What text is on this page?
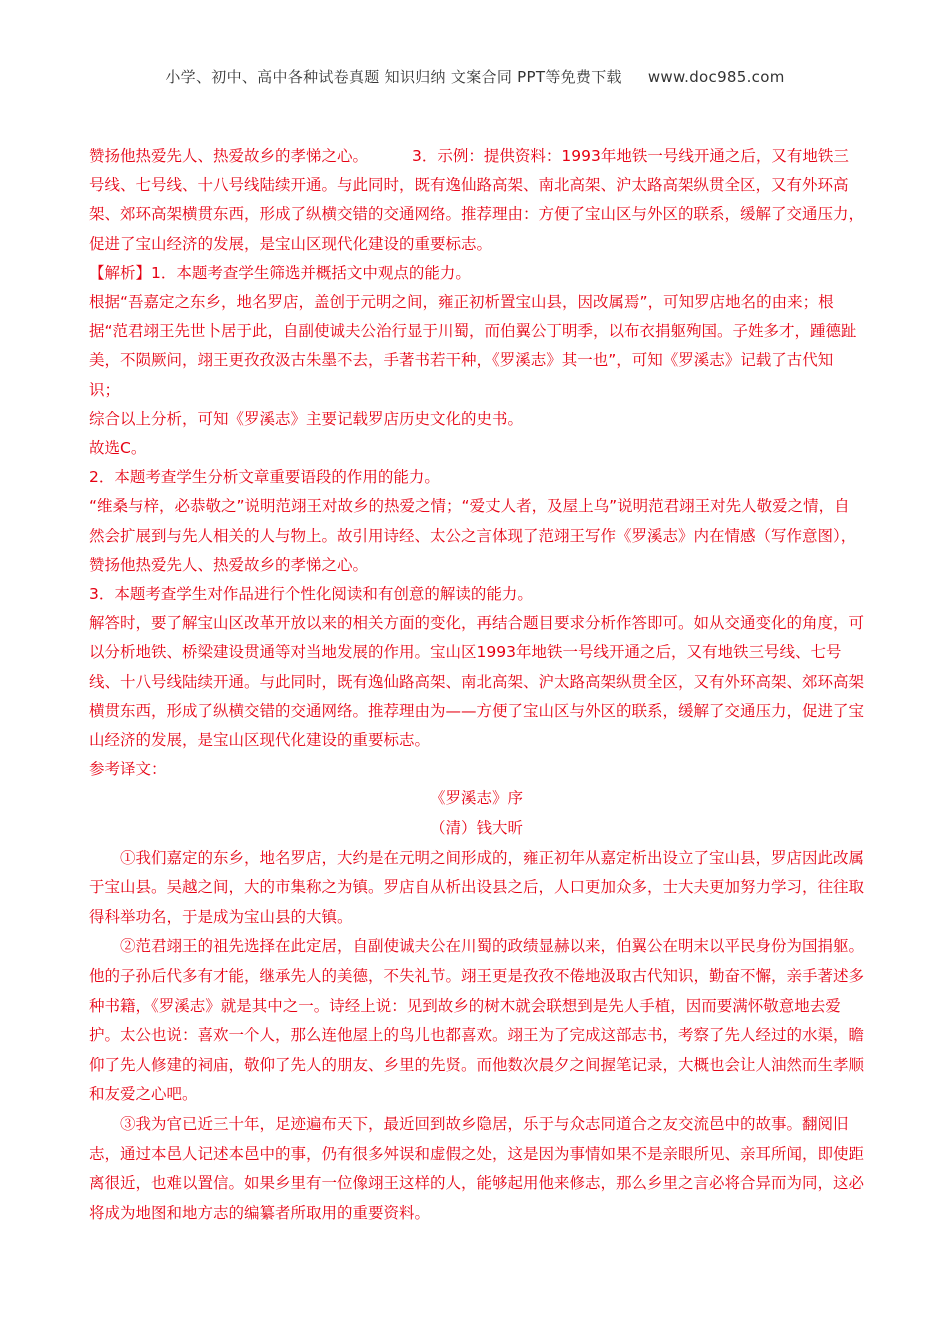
小学、初中、高中各种试卷真题 知识归纳 文案合同 PPT等免费下载 www.doc985.com

赞扬他热爱先人、热爱故乡的孝悌之心。	3．示例：提供资料：1993年地铁一号线开通之后，又有地铁三号线、七号线、十八号线陆续开通。与此同时，既有逸仙路高架、南北高架、沪太路高架纵贯全区，又有外环高架、郊环高架横贯东西，形成了纵横交错的交通网络。推荐理由：方便了宝山区与外区的联系，缓解了交通压力，促进了宝山经济的发展，是宝山区现代化建设的重要标志。

【解析】1．本题考查学生筛选并概括文中观点的能力。

根据“吾嘉定之东乡，地名罗店，盖创于元明之间，雍正初析置宝山县，因改属焉”，可知罗店地名的由来；根据“范君翊王先世卜居于此，自副使诚夫公治行显于川蜀，而伯翼公丁明季，以布衣捐躯殉国。子姓多才，踵德趾美，不陨厥问，翊王更孜孜汲古朱墨不去，手著书若干种，《罗溪志》其一也”，可知《罗溪志》记载了古代知识；

综合以上分析，可知《罗溪志》主要记载罗店历史文化的史书。

故选C。

2．本题考查学生分析文章重要语段的作用的能力。

“维桑与梓，必恭敬之”说明范翊王对故乡的热爱之情；“爱丈人者，及屋上乌”说明范君翊王对先人敬爱之情，自然会扩展到与先人相关的人与物上。故引用诗经、太公之言体现了范翊王写作《罗溪志》内在情感（写作意图），赞扬他热爱先人、热爱故乡的孝悌之心。

3．本题考查学生对作品进行个性化阅读和有创意的解读的能力。

解答时，要了解宝山区改革开放以来的相关方面的变化，再结合题目要求分析作答即可。如从交通变化的角度，可以分析地铁、桥梁建设贯通等对当地发展的作用。宝山区1993年地铁一号线开通之后，又有地铁三号线、七号线、十八号线陆续开通。与此同时，既有逸仙路高架、南北高架、沪太路高架纵贯全区，又有外环高架、郊环高架横贯东西，形成了纵横交错的交通网络。推荐理由为——方便了宝山区与外区的联系，缓解了交通压力，促进了宝山经济的发展，是宝山区现代化建设的重要标志。

参考译文：

《罗溪志》序

（清）钱大昕

①我们嘉定的东乡，地名罗店，大约是在元明之间形成的，雍正初年从嘉定析出设立了宝山县，罗店因此改属于宝山县。吴越之间，大的市集称之为镇。罗店自从析出设县之后，人口更加众多，士大夫更加努力学习，往往取得科举功名，于是成为宝山县的大镇。

②范君翊王的祖先选择在此定居，自副使诚夫公在川蜀的政绩显赫以来，伯翼公在明末以平民身份为国捐躯。他的子孙后代多有才能，继承先人的美德，不失礼节。翊王更是孜孜不倦地汲取古代知识，勤奋不懈，亲手著述多种书籍，《罗溪志》就是其中之一。诗经上说：见到故乡的树木就会联想到是先人手植，因而要满怀敬意地去爱护。太公也说：喜欢一个人，那么连他屋上的鸟儿也都喜欢。翊王为了完成这部志书，考察了先人经过的水渠，瞻仰了先人修建的祠庙，敬仰了先人的朋友、乡里的先贤。而他数次晨夕之间握笔记录，大概也会让人油然而生孝顺和友爱之心吧。

③我为官已近三十年，足迹遍布天下，最近回到故乡隐居，乐于与众志同道合之友交流邑中的故事。翻阅旧志，通过本邑人记述本邑中的事，仍有很多舛误和虚假之处，这是因为事情如果不是亲眼所见、亲耳所闻，即使距离很近，也难以置信。如果乡里有一位像翊王这样的人，能够起用他来修志，那么乡里之言必将合异而为同，这必将成为地图和地方志的编纂者所取用的重要资料。
